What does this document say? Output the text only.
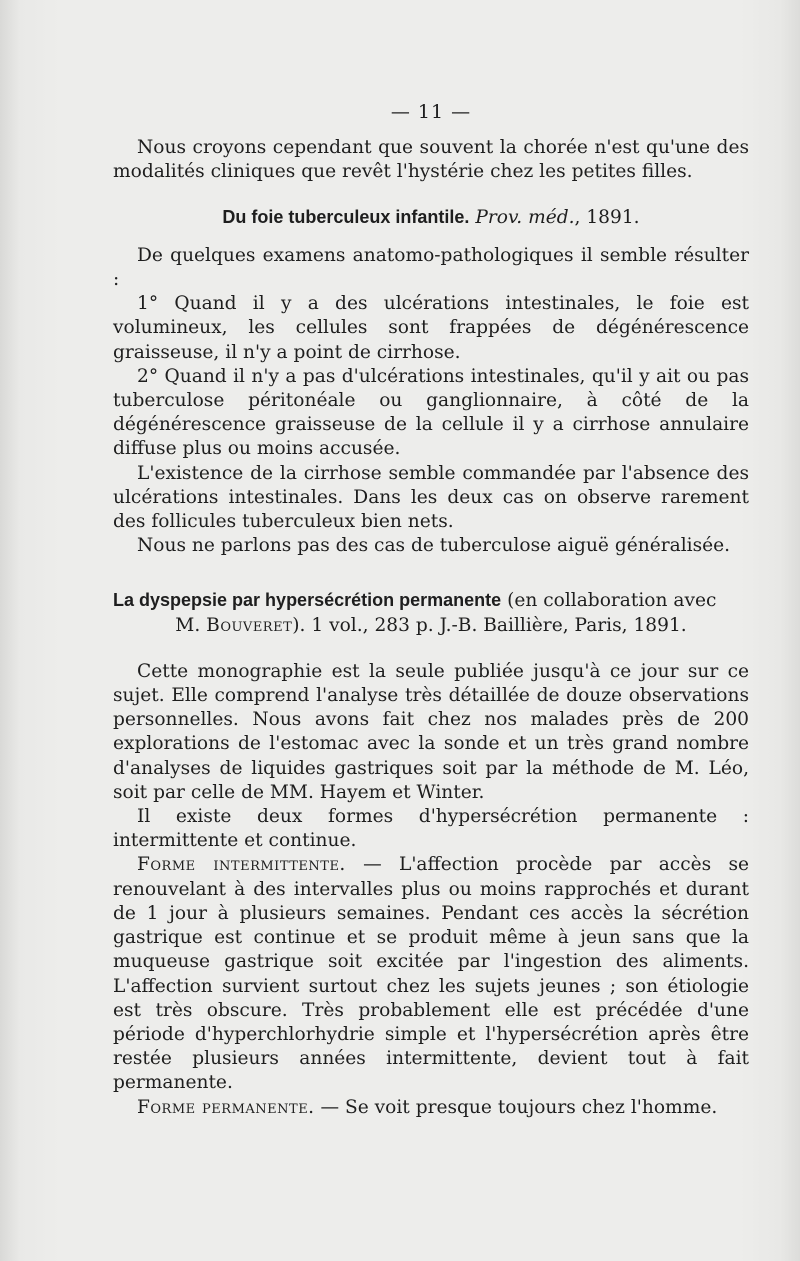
— 11 —

Nous croyons cependant que souvent la chorée n'est qu'une des modalités cliniques que revêt l'hystérie chez les petites filles.

Du foie tuberculeux infantile. Prov. méd., 1891.

De quelques examens anatomo-pathologiques il semble résulter :

1° Quand il y a des ulcérations intestinales, le foie est volumineux, les cellules sont frappées de dégénérescence graisseuse, il n'y a point de cirrhose.

2° Quand il n'y a pas d'ulcérations intestinales, qu'il y ait ou pas tuberculose péritonéale ou ganglionnaire, à côté de la dégénérescence graisseuse de la cellule il y a cirrhose annulaire diffuse plus ou moins accusée.

L'existence de la cirrhose semble commandée par l'absence des ulcérations intestinales. Dans les deux cas on observe rarement des follicules tuberculeux bien nets.

Nous ne parlons pas des cas de tuberculose aiguë généralisée.

La dyspepsie par hypersécrétion permanente (en collaboration avec

M. Bouveret). 1 vol., 283 p. J.-B. Baillière, Paris, 1891.

Cette monographie est la seule publiée jusqu'à ce jour sur ce sujet. Elle comprend l'analyse très détaillée de douze observations personnelles. Nous avons fait chez nos malades près de 200 explorations de l'estomac avec la sonde et un très grand nombre d'analyses de liquides gastriques soit par la méthode de M. Léo, soit par celle de MM. Hayem et Winter.

Il existe deux formes d'hypersécrétion permanente : intermittente et continue.

Forme intermittente. — L'affection procède par accès se renouvelant à des intervalles plus ou moins rapprochés et durant de 1 jour à plusieurs semaines. Pendant ces accès la sécrétion gastrique est continue et se produit même à jeun sans que la muqueuse gastrique soit excitée par l'ingestion des aliments. L'affection survient surtout chez les sujets jeunes ; son étiologie est très obscure. Très probablement elle est précédée d'une période d'hyperchlorhydrie simple et l'hypersécrétion après être restée plusieurs années intermittente, devient tout à fait permanente.

Forme permanente. — Se voit presque toujours chez l'homme.
